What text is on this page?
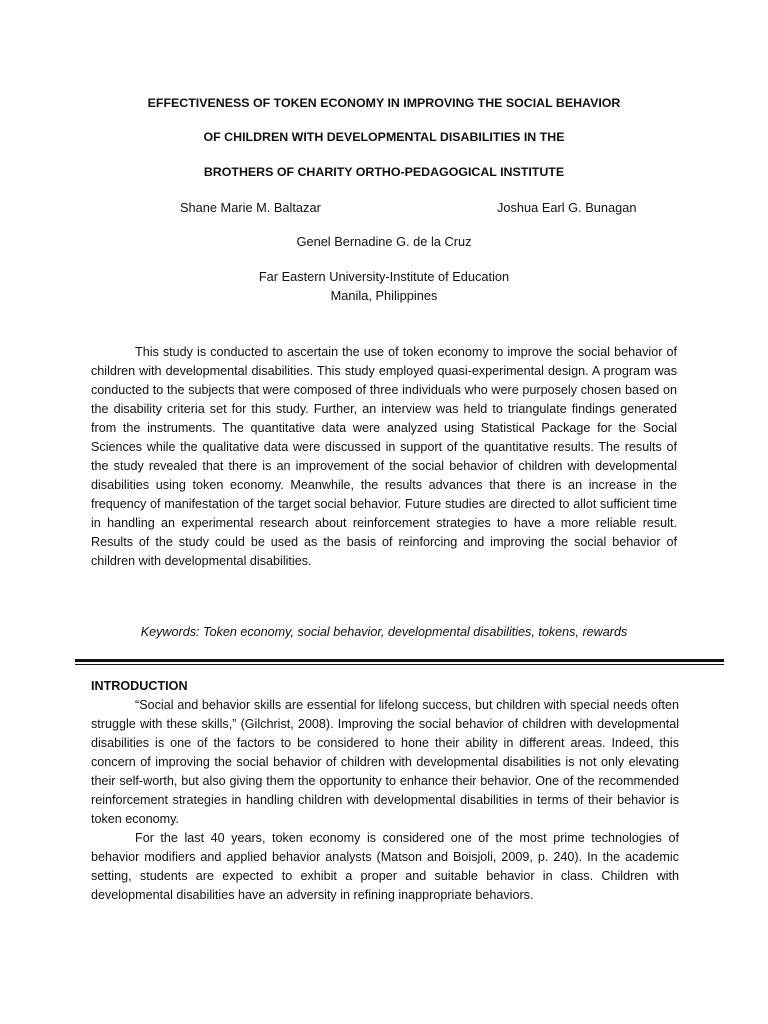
EFFECTIVENESS OF TOKEN ECONOMY IN IMPROVING THE SOCIAL BEHAVIOR
OF CHILDREN WITH DEVELOPMENTAL DISABILITIES IN THE
BROTHERS OF CHARITY ORTHO-PEDAGOGICAL INSTITUTE
Shane Marie M. Baltazar	Joshua Earl G. Bunagan
Genel Bernadine G. de la Cruz
Far Eastern University-Institute of Education
Manila, Philippines

This study is conducted to ascertain the use of token economy to improve the social behavior of children with developmental disabilities. This study employed quasi-experimental design. A program was conducted to the subjects that were composed of three individuals who were purposely chosen based on the disability criteria set for this study. Further, an interview was held to triangulate findings generated from the instruments. The quantitative data were analyzed using Statistical Package for the Social Sciences while the qualitative data were discussed in support of the quantitative results. The results of the study revealed that there is an improvement of the social behavior of children with developmental disabilities using token economy. Meanwhile, the results advances that there is an increase in the frequency of manifestation of the target social behavior. Future studies are directed to allot sufficient time in handling an experimental research about reinforcement strategies to have a more reliable result. Results of the study could be used as the basis of reinforcing and improving the social behavior of children with developmental disabilities.

Keywords: Token economy, social behavior, developmental disabilities, tokens, rewards
INTRODUCTION

“Social and behavior skills are essential for lifelong success, but children with special needs often struggle with these skills,” (Gilchrist, 2008). Improving the social behavior of children with developmental disabilities is one of the factors to be considered to hone their ability in different areas. Indeed, this concern of improving the social behavior of children with developmental disabilities is not only elevating their self-worth, but also giving them the opportunity to enhance their behavior. One of the recommended reinforcement strategies in handling children with developmental disabilities in terms of their behavior is token economy.

For the last 40 years, token economy is considered one of the most prime technologies of behavior modifiers and applied behavior analysts (Matson and Boisjoli, 2009, p. 240). In the academic setting, students are expected to exhibit a proper and suitable behavior in class. Children with developmental disabilities have an adversity in refining inappropriate behaviors.
